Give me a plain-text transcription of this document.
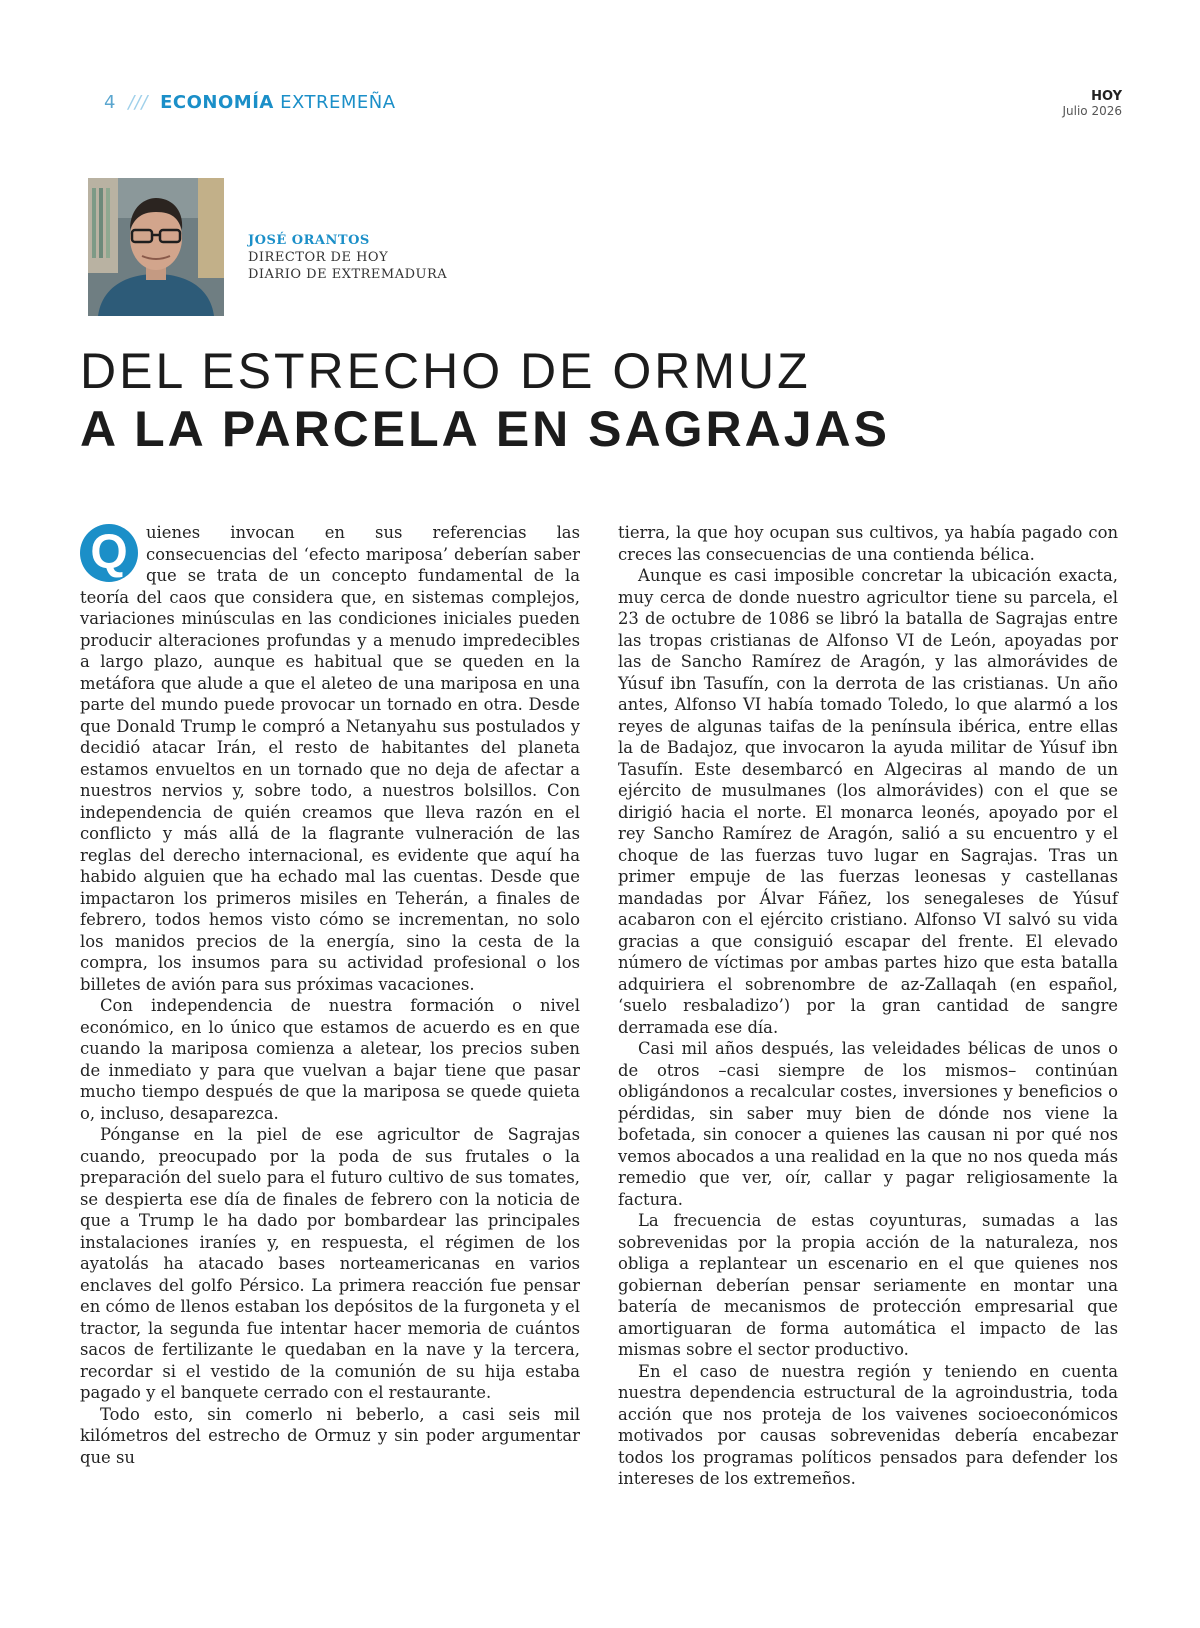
4 /// ECONOMÍA EXTREMEÑA	HOY
Julio 2026
JOSÉ ORANTOS
DIRECTOR DE HOY
DIARIO DE EXTREMADURA
DEL ESTRECHO DE ORMUZ
A LA PARCELA EN SAGRAJAS

Q	uienes invocan en sus referencias las consecuencias del ‘efecto mariposa’ deberían saber que se trata de un concepto fundamental de la teoría del caos que considera que, en sistemas complejos, variaciones minúsculas en las condiciones iniciales pueden producir alteraciones profundas y a menudo impredecibles a largo plazo, aunque es habitual que se queden en la metáfora que alude a que el aleteo de una mariposa en una parte del mundo puede provocar un tornado en otra. Desde que Donald Trump le compró a Netanyahu sus postulados y decidió atacar Irán, el resto de habitantes del planeta estamos envueltos en un tornado que no deja de afectar a nuestros nervios y, sobre todo, a nuestros bolsillos. Con independencia de quién creamos que lleva razón en el conflicto y más allá de la flagrante vulneración de las reglas del derecho internacional, es evidente que aquí ha habido alguien que ha echado mal las cuentas. Desde que impactaron los primeros misiles en Teherán, a finales de febrero, todos hemos visto cómo se incrementan, no solo los manidos precios de la energía, sino la cesta de la compra, los insumos para su actividad profesional o los billetes de avión para sus próximas vacaciones.

Con independencia de nuestra formación o nivel económico, en lo único que estamos de acuerdo es en que cuando la mariposa comienza a aletear, los precios suben de inmediato y para que vuelvan a bajar tiene que pasar mucho tiempo después de que la mariposa se quede quieta o, incluso, desaparezca.

Pónganse en la piel de ese agricultor de Sagrajas cuando, preocupado por la poda de sus frutales o la preparación del suelo para el futuro cultivo de sus tomates, se despierta ese día de finales de febrero con la noticia de que a Trump le ha dado por bombardear las principales instalaciones iraníes y, en respuesta, el régimen de los ayatolás ha atacado bases norteamericanas en varios enclaves del golfo Pérsico. La primera reacción fue pensar en cómo de llenos estaban los depósitos de la furgoneta y el tractor, la segunda fue intentar hacer memoria de cuántos sacos de fertilizante le quedaban en la nave y la tercera, recordar si el vestido de la comunión de su hija estaba pagado y el banquete cerrado con el restaurante.

Todo esto, sin comerlo ni beberlo, a casi seis mil kilómetros del estrecho de Ormuz y sin poder argumentar que su

tierra, la que hoy ocupan sus cultivos, ya había pagado con creces las consecuencias de una contienda bélica.

Aunque es casi imposible concretar la ubicación exacta, muy cerca de donde nuestro agricultor tiene su parcela, el 23 de octubre de 1086 se libró la batalla de Sagrajas entre las tropas cristianas de Alfonso VI de León, apoyadas por las de Sancho Ramírez de Aragón, y las almorávides de Yúsuf ibn Tasufín, con la derrota de las cristianas. Un año antes, Alfonso VI había tomado Toledo, lo que alarmó a los reyes de algunas taifas de la península ibérica, entre ellas la de Badajoz, que invocaron la ayuda militar de Yúsuf ibn Tasufín. Este desembarcó en Algeciras al mando de un ejército de musulmanes (los almorávides) con el que se dirigió hacia el norte. El monarca leonés, apoyado por el rey Sancho Ramírez de Aragón, salió a su encuentro y el choque de las fuerzas tuvo lugar en Sagrajas. Tras un primer empuje de las fuerzas leonesas y castellanas mandadas por Álvar Fáñez, los senegaleses de Yúsuf acabaron con el ejército cristiano. Alfonso VI salvó su vida gracias a que consiguió escapar del frente. El elevado número de víctimas por ambas partes hizo que esta batalla adquiriera el sobrenombre de az-Zallaqah (en español, ‘suelo resbaladizo’) por la gran cantidad de sangre derramada ese día.

Casi mil años después, las veleidades bélicas de unos o de otros –casi siempre de los mismos– continúan obligándonos a recalcular costes, inversiones y beneficios o pérdidas, sin saber muy bien de dónde nos viene la bofetada, sin conocer a quienes las causan ni por qué nos vemos abocados a una realidad en la que no nos queda más remedio que ver, oír, callar y pagar religiosamente la factura.

La frecuencia de estas coyunturas, sumadas a las sobrevenidas por la propia acción de la naturaleza, nos obliga a replantear un escenario en el que quienes nos gobiernan deberían pensar seriamente en montar una batería de mecanismos de protección empresarial que amortiguaran de forma automática el impacto de las mismas sobre el sector productivo.

En el caso de nuestra región y teniendo en cuenta nuestra dependencia estructural de la agroindustria, toda acción que nos proteja de los vaivenes socioeconómicos motivados por causas sobrevenidas debería encabezar todos los programas políticos pensados para defender los intereses de los extremeños.
